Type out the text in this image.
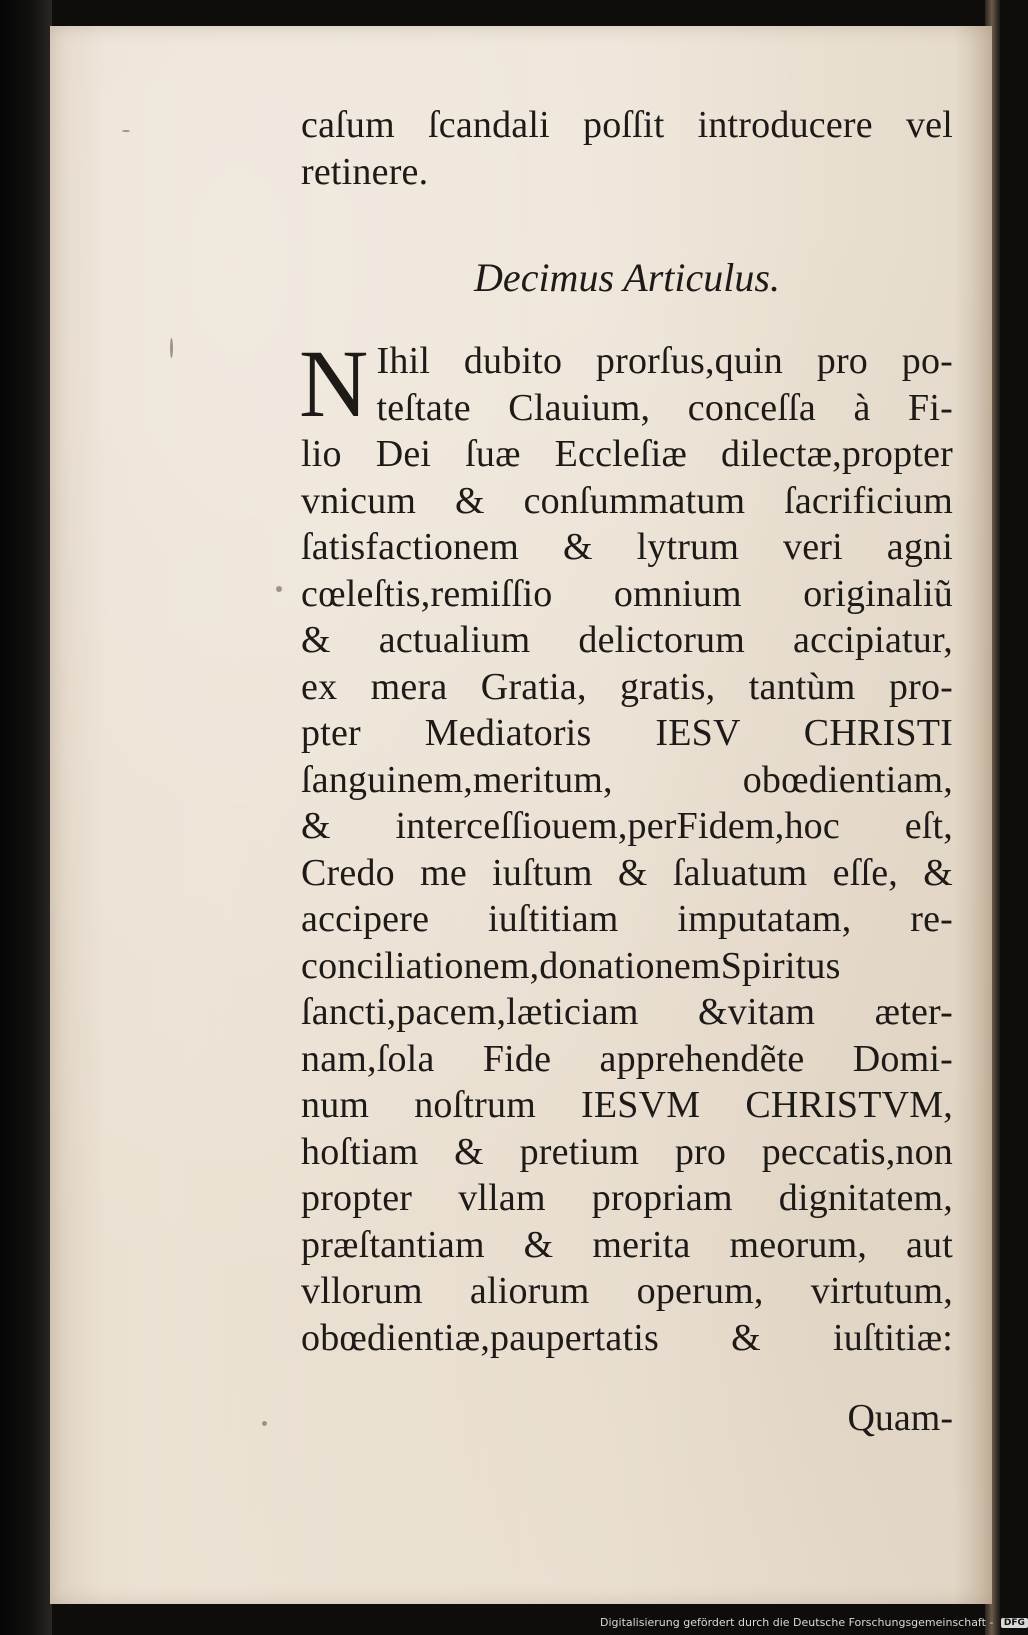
caſum ſcandali poſſit introducere vel
retinere.
Decimus Articulus.
N Ihil dubito prorſus,quin pro po-
teſtate Clauium, conceſſa à Fi-
lio Dei ſuæ Eccleſiæ dilectæ,propter
vnicum & conſummatum ſacrificium
ſatisfactionem & lytrum veri agni
cœleſtis,remiſſio omnium originaliũ
& actualium delictorum accipiatur,
ex mera Gratia, gratis, tantùm pro-
pter Mediatoris IESV CHRISTI
ſanguinem,meritum, obœdientiam,
& interceſſiouem,perFidem,hoc eſt,
Credo me iuſtum & ſaluatum eſſe, &
accipere iuſtitiam imputatam, re-
conciliationem,donationemSpiritus
ſancti,pacem,læticiam &vitam æter-
nam,ſola Fide apprehendẽte Domi-
num noſtrum IESVM CHRISTVM,
hoſtiam & pretium pro peccatis,non
propter vllam propriam dignitatem,
præſtantiam & merita meorum, aut
vllorum aliorum operum, virtutum,
obœdientiæ,paupertatis & iuſtitiæ:
Quam-
Digitalisierung gefördert durch die Deutsche Forschungsgemeinschaft - DFG
